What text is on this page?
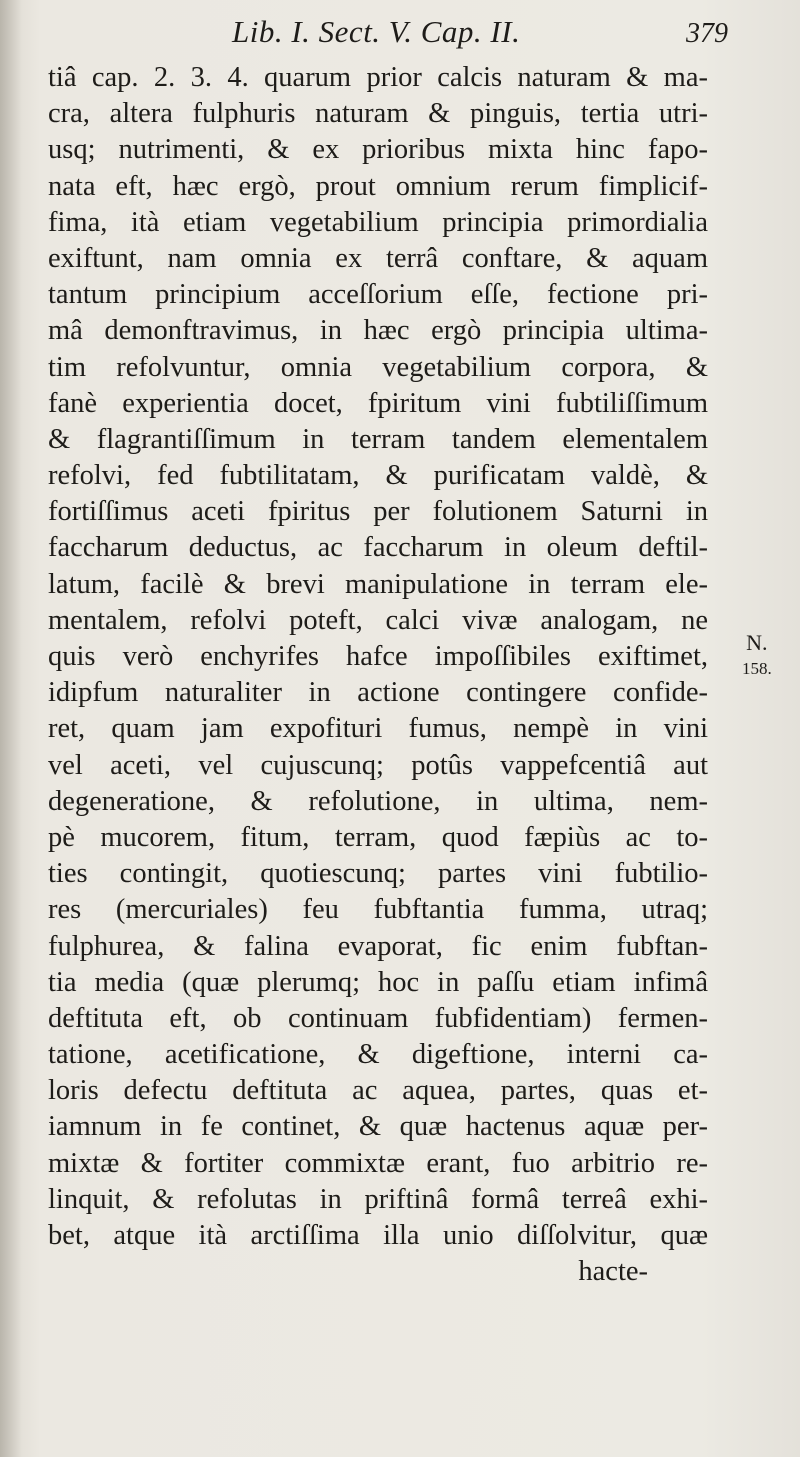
Lib. I. Sect. V. Cap. II.	379
tiâ cap. 2. 3. 4. quarum prior calcis naturam & ma-
cra, altera fulphuris naturam & pinguis, tertia utri-
usq; nutrimenti, & ex prioribus mixta hinc fapo-
nata eft, hæc ergò, prout omnium rerum fimplicif-
fima, ità etiam vegetabilium principia primordialia
exiftunt, nam omnia ex terrâ conftare, & aquam
tantum principium acceſſorium eſſe, fectione pri-
mâ demonftravimus, in hæc ergò principia ultima-
tim refolvuntur, omnia vegetabilium corpora, &
fanè experientia docet, fpiritum vini fubtiliſſimum
& flagrantiſſimum in terram tandem elementalem
refolvi, fed fubtilitatam, & purificatam valdè, &
fortiſſimus aceti fpiritus per folutionem Saturni in
faccharum deductus, ac faccharum in oleum deftil-
latum, facilè & brevi manipulatione in terram ele-
mentalem, refolvi poteft, calci vivæ analogam, ne
quis verò enchyrifes hafce impoſſibiles exiftimet,
idipfum naturaliter in actione contingere confide-
ret, quam jam expofituri fumus, nempè in vini
vel aceti, vel cujuscunq; potûs vappefcentiâ aut
degeneratione, & refolutione, in ultima, nem-
pè mucorem, fitum, terram, quod fæpiùs ac to-
ties contingit, quotiescunq; partes vini fubtilio-
res (mercuriales) feu fubftantia fumma, utraq;
fulphurea, & falina evaporat, fic enim fubftan-
tia media (quæ plerumq; hoc in paſſu etiam infimâ
deftituta eft, ob continuam fubfidentiam) fermen-
tatione, acetificatione, & digeftione, interni ca-
loris defectu deftituta ac aquea, partes, quas et-
iamnum in fe continet, & quæ hactenus aquæ per-
mixtæ & fortiter commixtæ erant, fuo arbitrio re-
linquit, & refolutas in priftinâ formâ terreâ exhi-
bet, atque ità arctiſſima illa unio diſſolvitur, quæ
hacte-
N.
158.
